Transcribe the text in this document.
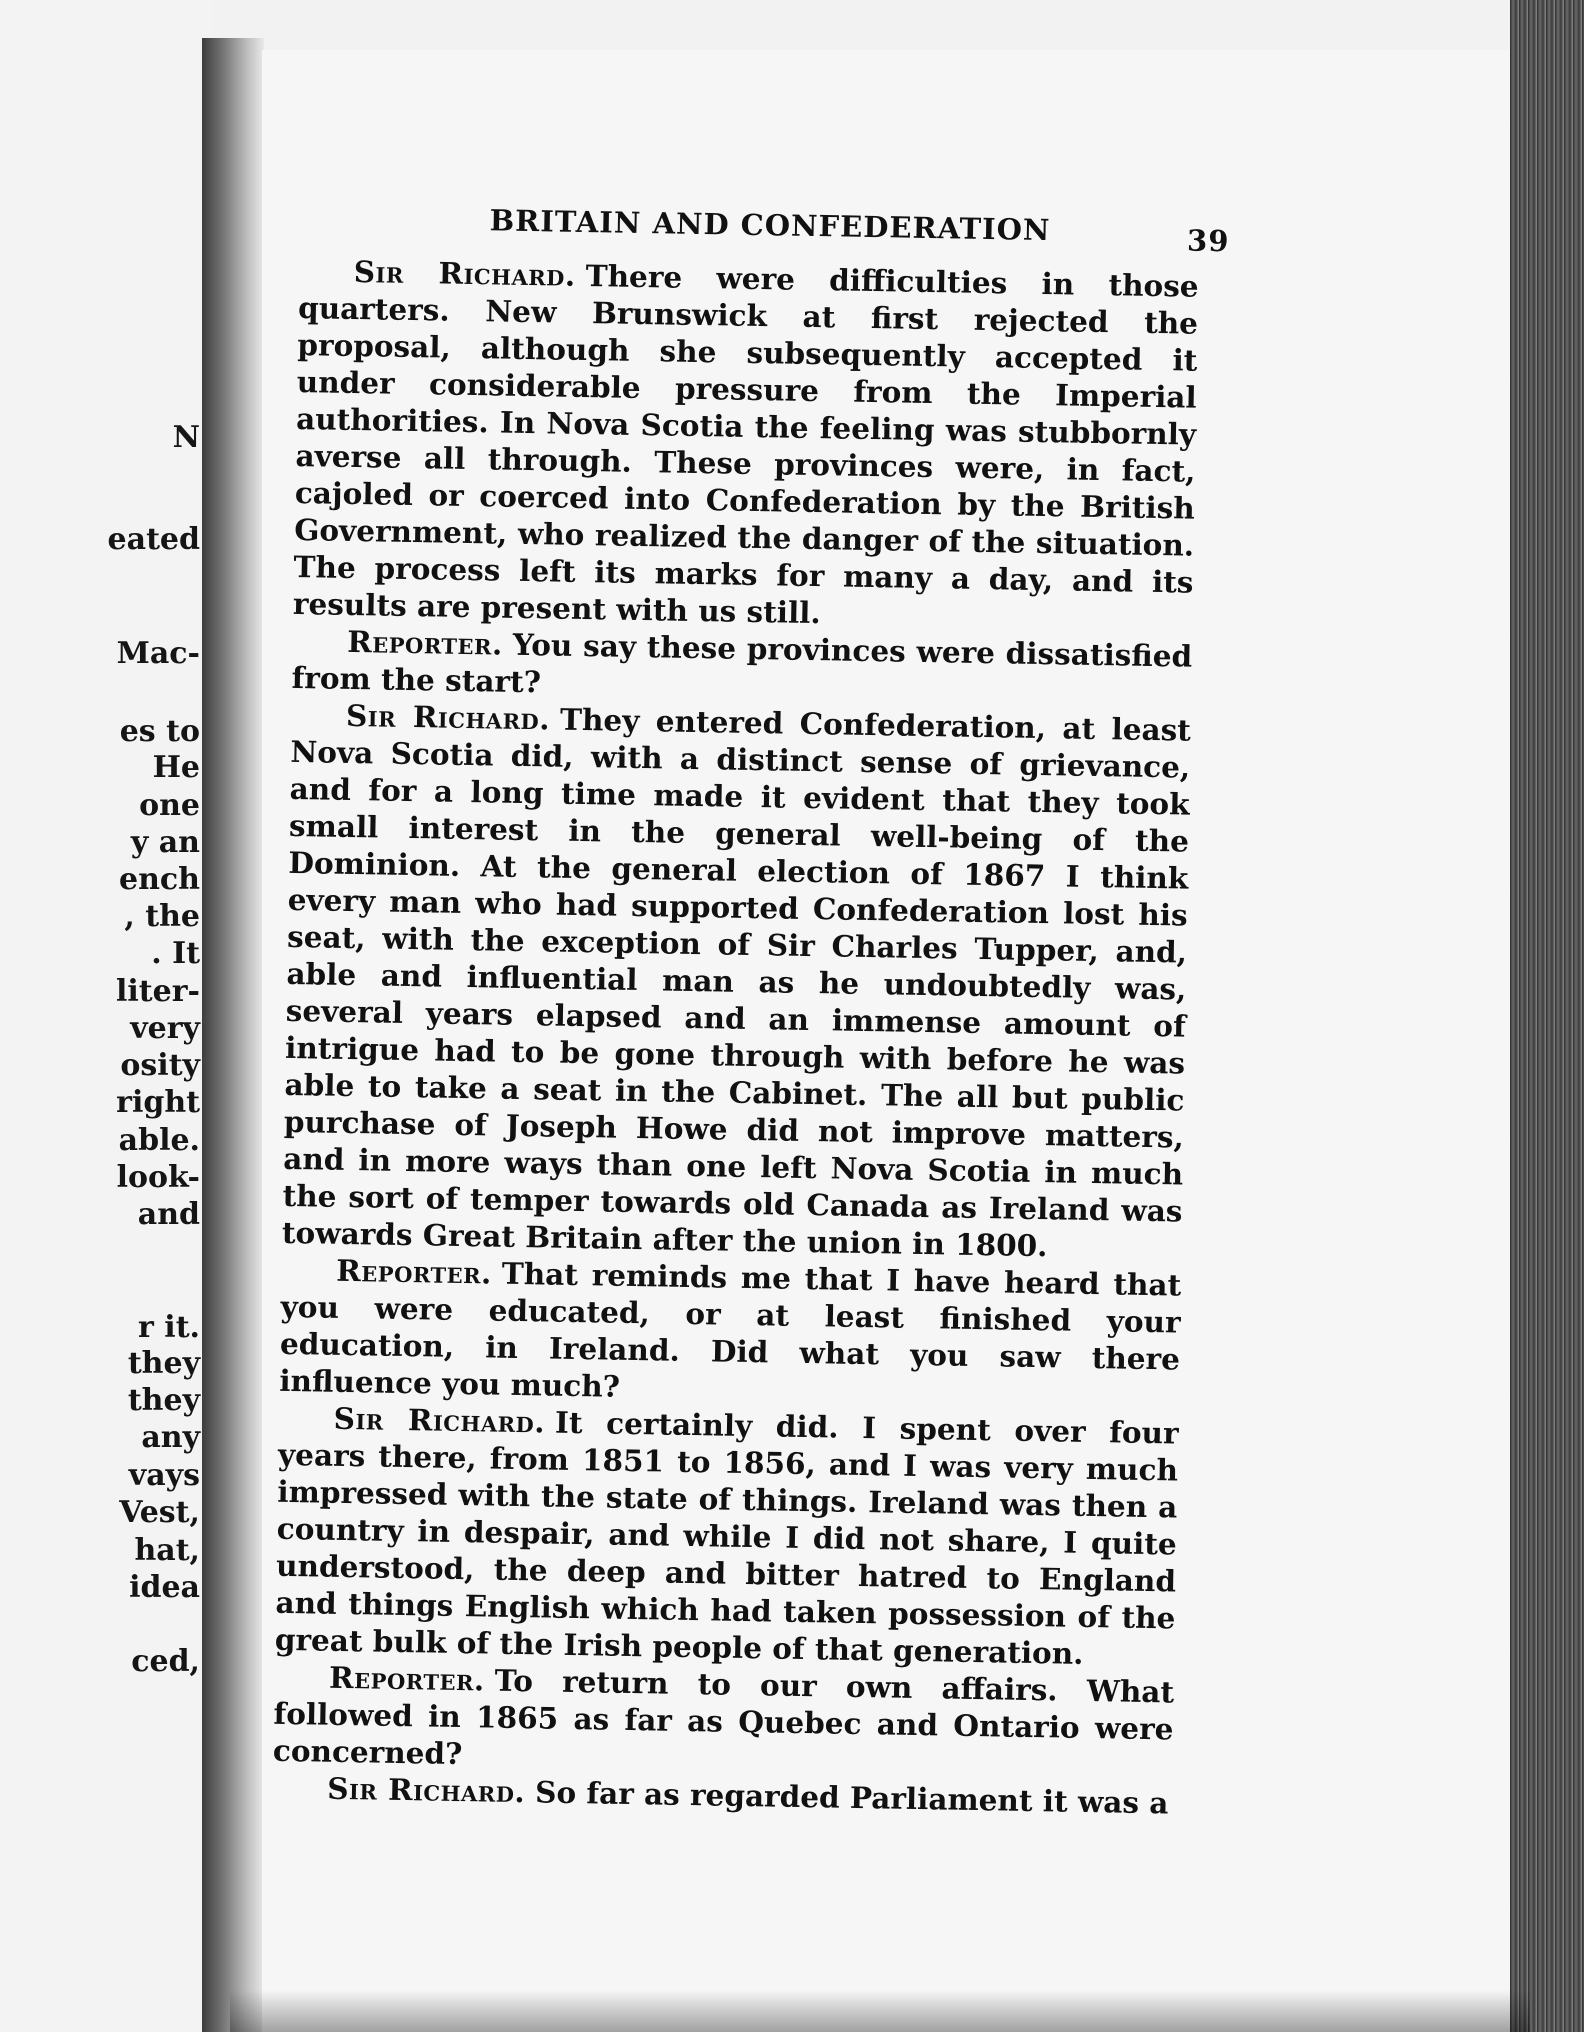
N
eated
Mac-
es to
He
one
y an
ench
, the
. It
liter-
very
osity
right
able.
look-
and
r it.
they
they
any
vays
Vest,
hat,
idea
ced,
BRITAIN AND CONFEDERATION	39

Sir Richard. There were difficulties in those quarters. New Brunswick at first rejected the proposal, although she subsequently accepted it under considerable pressure from the Imperial authorities. In Nova Scotia the feeling was stubbornly averse all through. These provinces were, in fact, cajoled or coerced into Confederation by the British Government, who realized the danger of the situation. The process left its marks for many a day, and its results are present with us still.

Reporter. You say these provinces were dissatisfied from the start?

Sir Richard. They entered Confederation, at least Nova Scotia did, with a distinct sense of grievance, and for a long time made it evident that they took small interest in the general well-being of the Dominion. At the general election of 1867 I think every man who had supported Confederation lost his seat, with the exception of Sir Charles Tupper, and, able and influential man as he undoubtedly was, several years elapsed and an immense amount of intrigue had to be gone through with before he was able to take a seat in the Cabinet. The all but public purchase of Joseph Howe did not improve matters, and in more ways than one left Nova Scotia in much the sort of temper towards old Canada as Ireland was towards Great Britain after the union in 1800.

Reporter. That reminds me that I have heard that you were educated, or at least finished your education, in Ireland. Did what you saw there influence you much?

Sir Richard. It certainly did. I spent over four years there, from 1851 to 1856, and I was very much impressed with the state of things. Ireland was then a country in despair, and while I did not share, I quite understood, the deep and bitter hatred to England and things English which had taken possession of the great bulk of the Irish people of that generation.

Reporter. To return to our own affairs. What followed in 1865 as far as Quebec and Ontario were concerned?

Sir Richard. So far as regarded Parliament it was a
